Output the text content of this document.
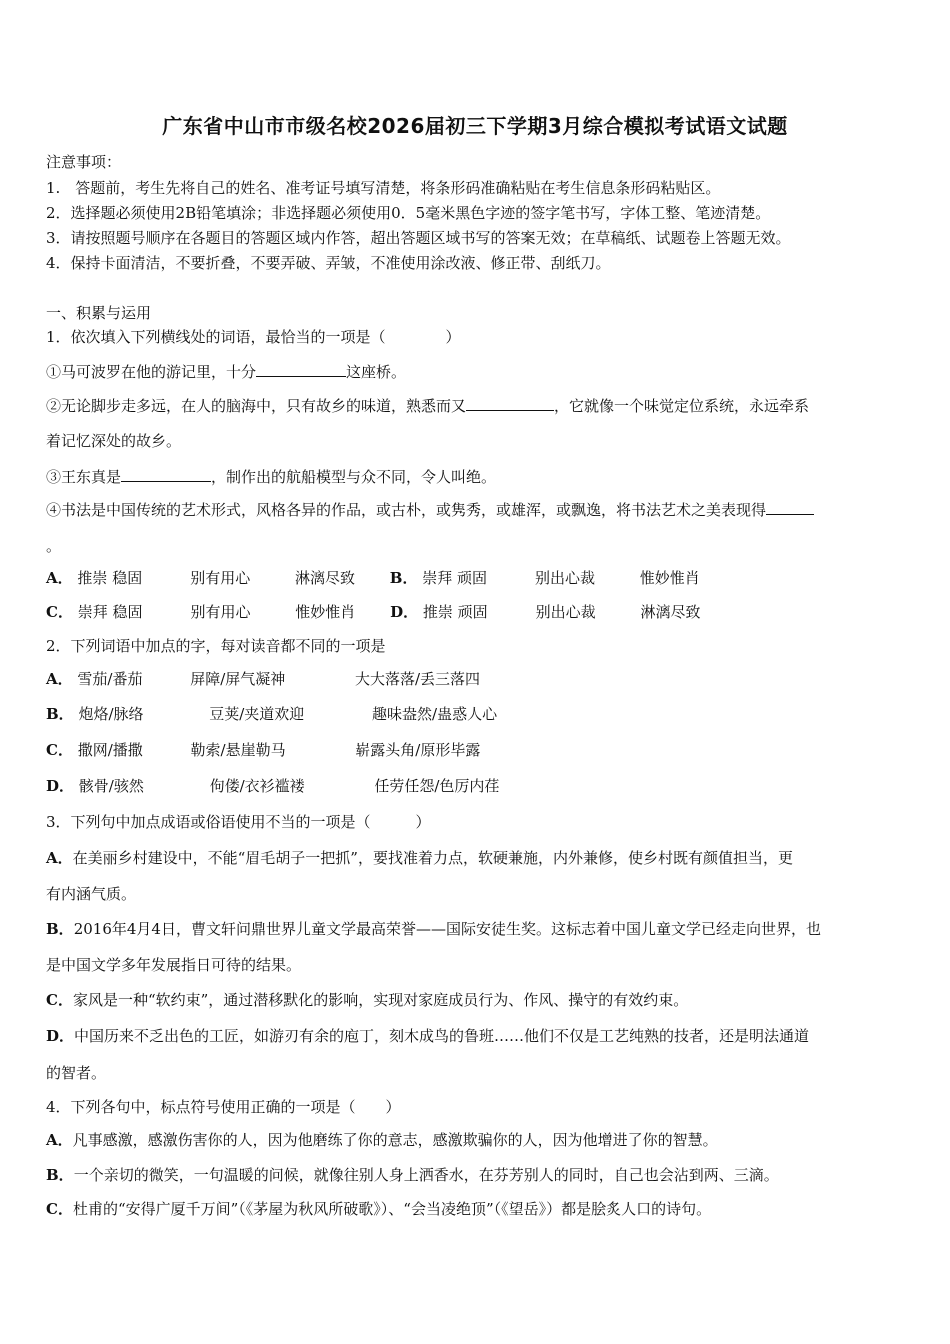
广东省中山市市级名校2026届初三下学期3月综合模拟考试语文试题
注意事项：
1.　答题前，考生先将自己的姓名、准考证号填写清楚，将条形码准确粘贴在考生信息条形码粘贴区。
2．选择题必须使用2B铅笔填涂；非选择题必须使用0．5毫米黑色字迹的签字笔书写，字体工整、笔迹清楚。
3．请按照题号顺序在各题目的答题区域内作答，超出答题区域书写的答案无效；在草稿纸、试题卷上答题无效。
4．保持卡面清洁，不要折叠，不要弄破、弄皱，不准使用涂改液、修正带、刮纸刀。
一、积累与运用
1．依次填入下列横线处的词语，最恰当的一项是（　　　　）
①马可波罗在他的游记里，十分	这座桥。
②无论脚步走多远，在人的脑海中，只有故乡的味道，熟悉而又	，它就像一个味觉定位系统，永远牵系
着记忆深处的故乡。
③王东真是	，制作出的航船模型与众不同，令人叫绝。
④书法是中国传统的艺术形式，风格各异的作品，或古朴，或隽秀，或雄浑，或飘逸，将书法艺术之美表现得
。
A． 推崇 稳固	别有用心	淋漓尽致 B． 崇拜 顽固	别出心裁	惟妙惟肖
C． 崇拜 稳固	别有用心	惟妙惟肖 D． 推崇 顽固	别出心裁	淋漓尽致
2．下列词语中加点的字，每对读音都不同的一项是
A． 雪茄/番茄	屏障/屏气凝神	大大落落/丢三落四
B． 炮烙/脉络	豆荚/夹道欢迎	趣味盎然/蛊惑人心
C． 撒网/播撒	勒索/悬崖勒马	崭露头角/原形毕露
D． 骸骨/骇然	佝偻/衣衫褴褛	任劳任怨/色厉内荏
3．下列句中加点成语或俗语使用不当的一项是（　　　）
A．在美丽乡村建设中，不能“眉毛胡子一把抓”，要找准着力点，软硬兼施，内外兼修，使乡村既有颜值担当，更
有内涵气质。
B．2016年4月4日，曹文轩问鼎世界儿童文学最高荣誉——国际安徒生奖。这标志着中国儿童文学已经走向世界，也
是中国文学多年发展指日可待的结果。
C．家风是一种“软约束”，通过潜移默化的影响，实现对家庭成员行为、作风、操守的有效约束。
D．中国历来不乏出色的工匠，如游刃有余的庖丁，刻木成鸟的鲁班……他们不仅是工艺纯熟的技者，还是明法通道
的智者。
4．下列各句中，标点符号使用正确的一项是（　　）
A．凡事感激，感激伤害你的人，因为他磨练了你的意志，感激欺骗你的人，因为他增进了你的智慧。
B．一个亲切的微笑，一句温暖的问候，就像往别人身上洒香水，在芬芳别人的同时，自己也会沾到两、三滴。
C．杜甫的“安得广厦千万间”（《茅屋为秋风所破歌》）、“会当凌绝顶”（《望岳》）都是脍炙人口的诗句。
